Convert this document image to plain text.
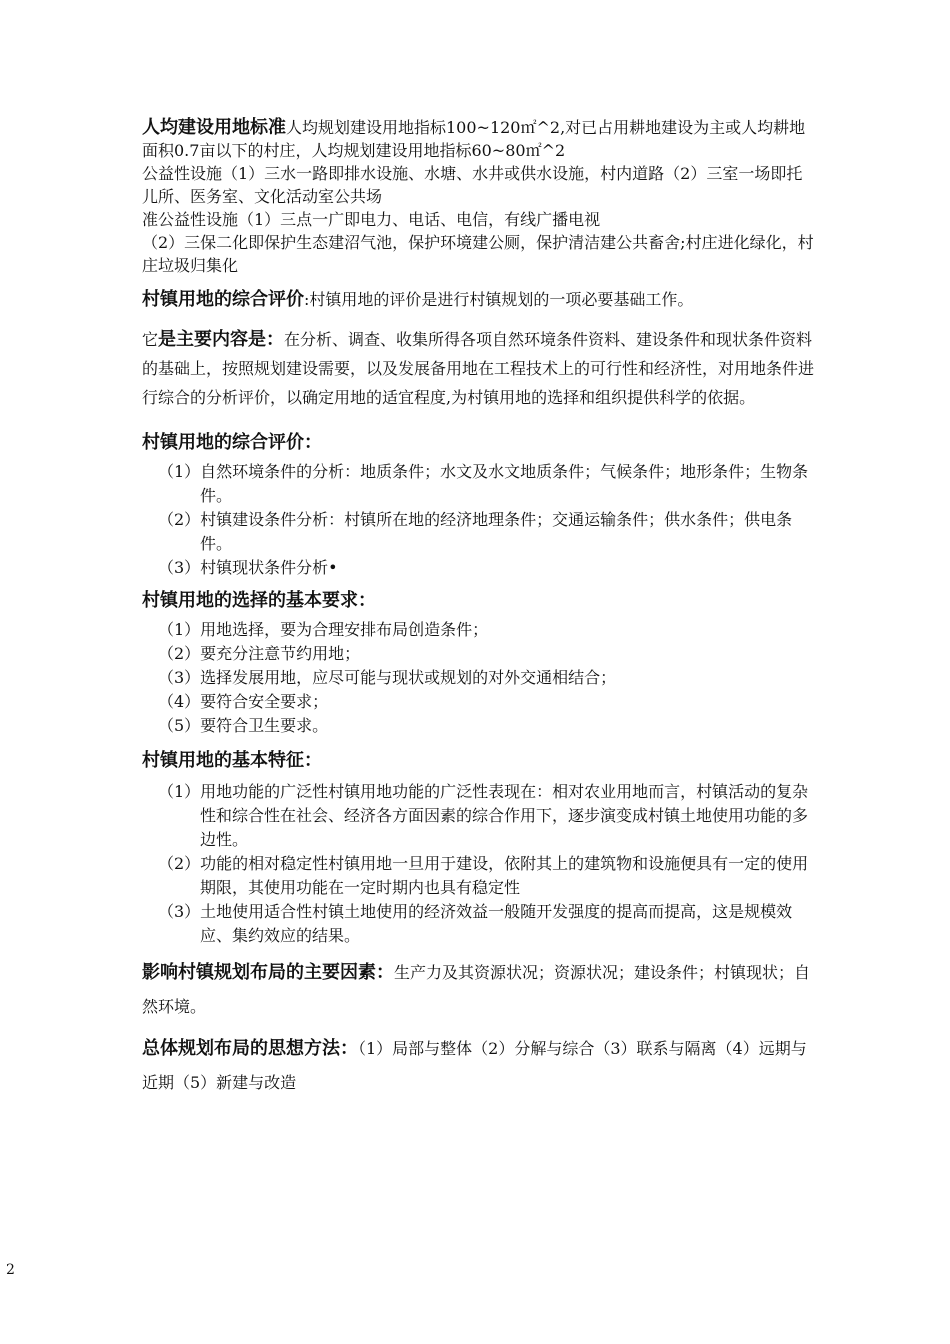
人均建设用地标准人均规划建设用地指标100~120㎡^2,对已占用耕地建设为主或人均耕地面积0.7亩以下的村庄，人均规划建设用地指标60~80㎡^2

公益性设施（1）三水一路即排水设施、水塘、水井或供水设施，村内道路（2）三室一场即托儿所、医务室、文化活动室公共场

准公益性设施（1）三点一广即电力、电话、电信，有线广播电视

（2）三保二化即保护生态建沼气池，保护环境建公厕，保护清洁建公共畜舍;村庄进化绿化，村庄垃圾归集化

村镇用地的综合评价:村镇用地的评价是进行村镇规划的一项必要基础工作。

它是主要内容是：在分析、调查、收集所得各项自然环境条件资料、建设条件和现状条件资料的基础上，按照规划建设需要，以及发展备用地在工程技术上的可行性和经济性，对用地条件进行综合的分析评价，以确定用地的适宜程度,为村镇用地的选择和组织提供科学的依据。

村镇用地的综合评价：

（1）自然环境条件的分析：地质条件；水文及水文地质条件；气候条件；地形条件；生物条件。
（2）村镇建设条件分析：村镇所在地的经济地理条件；交通运输条件；供水条件；供电条件。
（3）村镇现状条件分析•

村镇用地的选择的基本要求：

（1）用地选择，要为合理安排布局创造条件；
（2）要充分注意节约用地；
（3）选择发展用地，应尽可能与现状或规划的对外交通相结合；
（4）要符合安全要求；
（5）要符合卫生要求。

村镇用地的基本特征：

（1）用地功能的广泛性村镇用地功能的广泛性表现在：相对农业用地而言，村镇活动的复杂性和综合性在社会、经济各方面因素的综合作用下，逐步演变成村镇土地使用功能的多边性。
（2）功能的相对稳定性村镇用地一旦用于建设，依附其上的建筑物和设施便具有一定的使用期限，其使用功能在一定时期内也具有稳定性
（3）土地使用适合性村镇土地使用的经济效益一般随开发强度的提高而提高，这是规模效应、集约效应的结果。

影响村镇规划布局的主要因素：生产力及其资源状况；资源状况；建设条件；村镇现状；自然环境。

总体规划布局的思想方法：（1）局部与整体（2）分解与综合（3）联系与隔离（4）远期与近期（5）新建与改造

2
